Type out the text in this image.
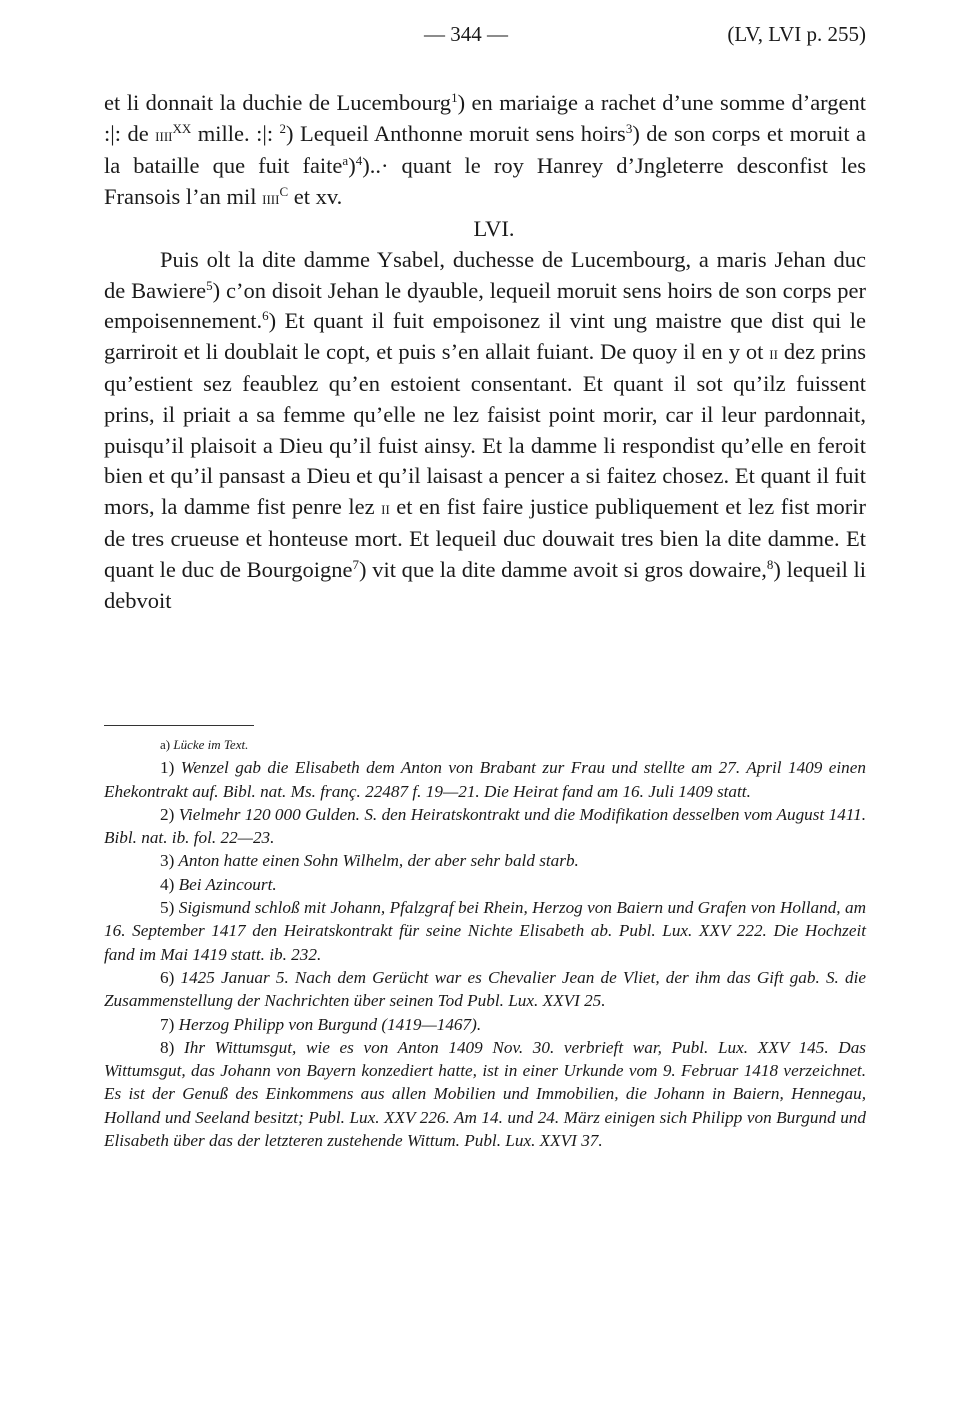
— 344 —	(LV, LVI p. 255)

et li donnait la duchie de Lucembourg$^1$) en mariaige a rachet d’une somme d’argent :|: de iiii$^{xx}$ mille. :|: $^2$) Lequeil Anthonne moruit sens hoirs$^3$) de son corps et moruit a la bataille que fuit faite$^a$)$^4$)..· quant le roy Hanrey d’Jngleterre desconfist les Fransois l’an mil iiii$^c$ et xv.

LVI.

Puis olt la dite damme Ysabel, duchesse de Lucembourg, a maris Jehan duc de Bawiere$^5$) c’on disoit Jehan le dyauble, lequeil moruit sens hoirs de son corps per empoisennement.$^6$) Et quant il fuit empoisonez il vint ung maistre que dist qui le garriroit et li doublait le copt, et puis s’en allait fuiant. De quoy il en y ot ii dez prins qu’estient sez feaublez qu’en estoient consentant. Et quant il sot qu’ilz fuissent prins, il priait a sa femme qu’elle ne lez faisist point morir, car il leur pardonnait, puisqu’il plaisoit a Dieu qu’il fuist ainsy. Et la damme li respondist qu’elle en feroit bien et qu’il pansast a Dieu et qu’il laisast a pencer a si faitez chosez. Et quant il fuit mors, la damme fist penre lez ii et en fist faire justice publiquement et lez fist morir de tres crueuse et honteuse mort. Et lequeil duc douwait tres bien la dite damme. Et quant le duc de Bourgoigne$^7$) vit que la dite damme avoit si gros dowaire,$^8$) lequeil li debvoit

a) Lücke im Text.

1) Wenzel gab die Elisabeth dem Anton von Brabant zur Frau und stellte am 27. April 1409 einen Ehekontrakt auf. Bibl. nat. Ms. franç. 22487 f. 19—21. Die Heirat fand am 16. Juli 1409 statt.

2) Vielmehr 120 000 Gulden. S. den Heiratskontrakt und die Modifikation desselben vom August 1411. Bibl. nat. ib. fol. 22—23.

3) Anton hatte einen Sohn Wilhelm, der aber sehr bald starb.

4) Bei Azincourt.

5) Sigismund schloß mit Johann, Pfalzgraf bei Rhein, Herzog von Baiern und Grafen von Holland, am 16. September 1417 den Heiratskontrakt für seine Nichte Elisabeth ab. Publ. Lux. XXV 222. Die Hochzeit fand im Mai 1419 statt. ib. 232.

6) 1425 Januar 5. Nach dem Gerücht war es Chevalier Jean de Vliet, der ihm das Gift gab. S. die Zusammenstellung der Nachrichten über seinen Tod Publ. Lux. XXVI 25.

7) Herzog Philipp von Burgund (1419—1467).

8) Ihr Wittumsgut, wie es von Anton 1409 Nov. 30. verbrieft war, Publ. Lux. XXV 145. Das Wittumsgut, das Johann von Bayern konzediert hatte, ist in einer Urkunde vom 9. Februar 1418 verzeichnet. Es ist der Genuß des Einkommens aus allen Mobilien und Immobilien, die Johann in Baiern, Hennegau, Holland und Seeland besitzt; Publ. Lux. XXV 226. Am 14. und 24. März einigen sich Philipp von Burgund und Elisabeth über das der letzteren zustehende Wittum. Publ. Lux. XXVI 37.
